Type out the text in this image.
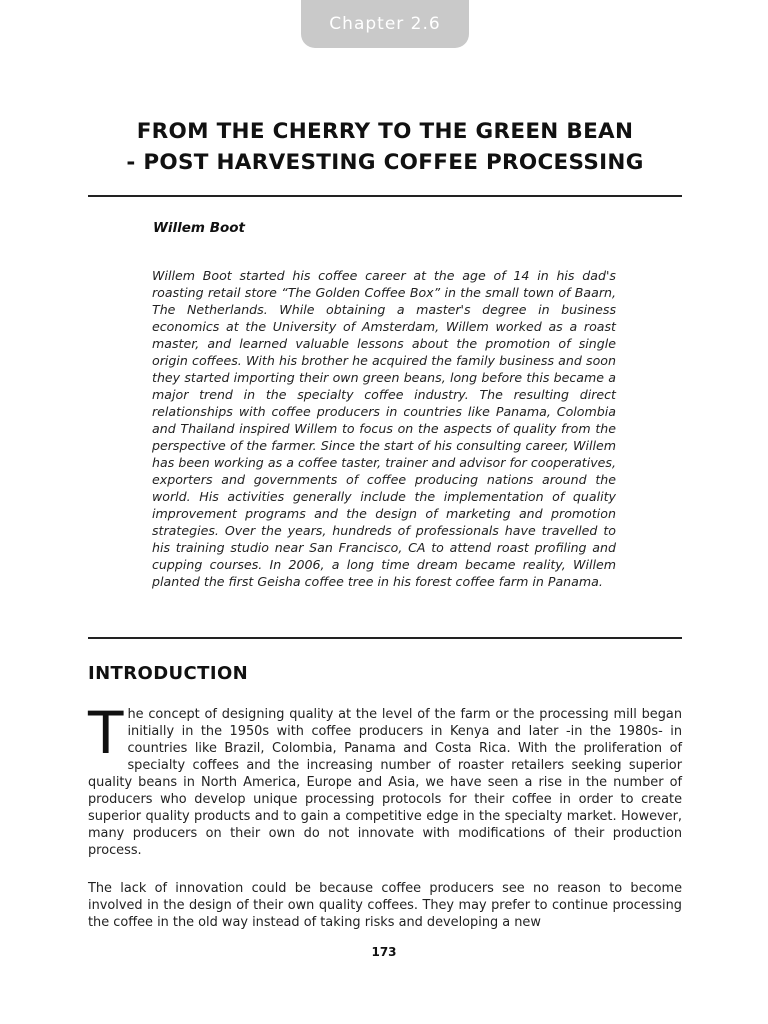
Chapter 2.6
FROM THE CHERRY TO THE GREEN BEAN
- POST HARVESTING COFFEE PROCESSING
Willem Boot

Willem Boot started his coffee career at the age of 14 in his dad's roasting retail store “The Golden Coffee Box” in the small town of Baarn, The Netherlands. While obtaining a master's degree in business economics at the University of Amsterdam, Willem worked as a roast master, and learned valuable lessons about the promotion of single origin coffees. With his brother he acquired the family business and soon they started importing their own green beans, long before this became a major trend in the specialty coffee industry. The resulting direct relationships with coffee producers in countries like Panama, Colombia and Thailand inspired Willem to focus on the aspects of quality from the perspective of the farmer. Since the start of his consulting career, Willem has been working as a coffee taster, trainer and advisor for cooperatives, exporters and governments of coffee producing nations around the world. His activities generally include the implementation of quality improvement programs and the design of marketing and promotion strategies. Over the years, hundreds of professionals have travelled to his training studio near San Francisco, CA to attend roast profiling and cupping courses. In 2006, a long time dream became reality, Willem planted the first Geisha coffee tree in his forest coffee farm in Panama.

INTRODUCTION

The concept of designing quality at the level of the farm or the processing mill began initially in the 1950s with coffee producers in Kenya and later -in the 1980s- in countries like Brazil, Colombia, Panama and Costa Rica. With the proliferation of specialty coffees and the increasing number of roaster retailers seeking superior quality beans in North America, Europe and Asia, we have seen a rise in the number of producers who develop unique processing protocols for their coffee in order to create superior quality products and to gain a competitive edge in the specialty market. However, many producers on their own do not innovate with modifications of their production process.

The lack of innovation could be because coffee producers see no reason to become involved in the design of their own quality coffees. They may prefer to continue processing the coffee in the old way instead of taking risks and developing a new

173
